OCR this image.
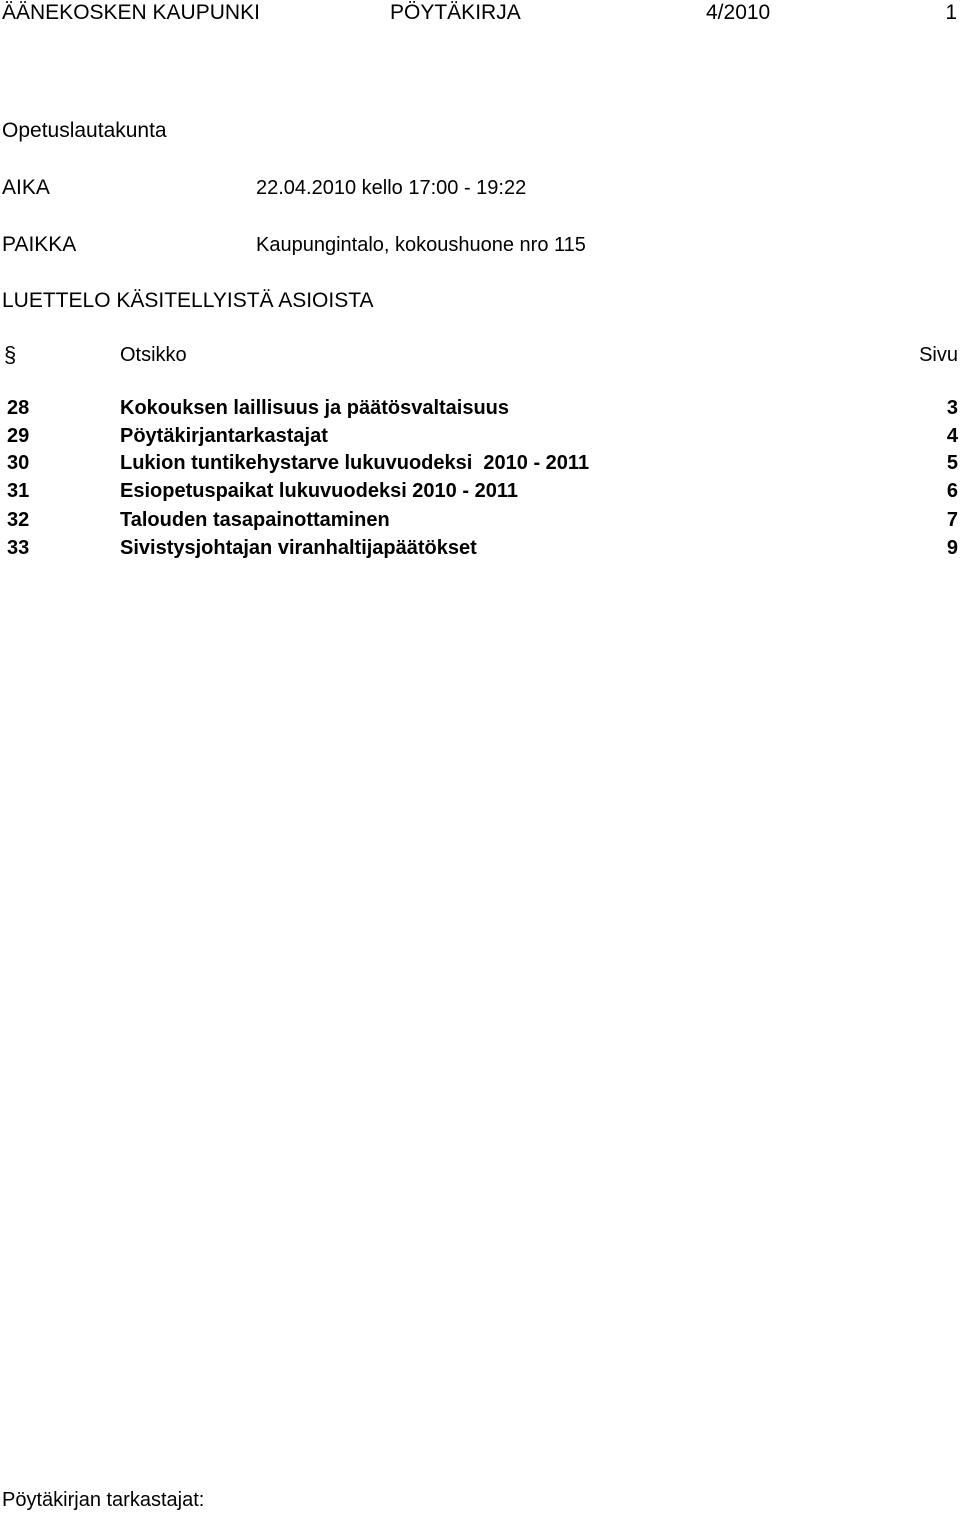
ÄÄNEKOSKEN KAUPUNKI	PÖYTÄKIRJA	4/2010	1
Opetuslautakunta
AIKA	22.04.2010 kello 17:00 - 19:22
PAIKKA	Kaupungintalo, kokoushuone nro 115
LUETTELO KÄSITELLYISTÄ ASIOISTA
§	Otsikko	Sivu
28	Kokouksen laillisuus ja päätösvaltaisuus	3
29	Pöytäkirjantarkastajat	4
30	Lukion tuntikehystarve lukuvuodeksi  2010 - 2011	5
31	Esiopetuspaikat lukuvuodeksi 2010 - 2011	6
32	Talouden tasapainottaminen	7
33	Sivistysjohtajan viranhaltijapäätökset	9
Pöytäkirjan tarkastajat:
